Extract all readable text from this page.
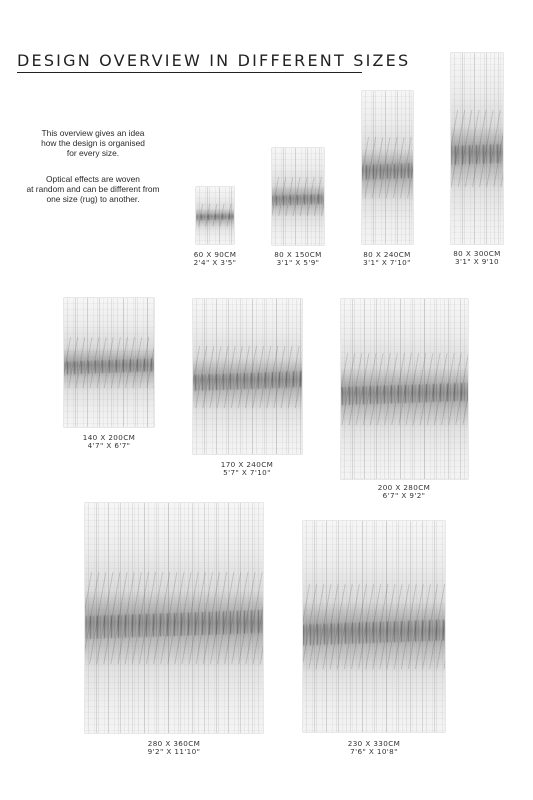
DESIGN OVERVIEW IN DIFFERENT SIZES
This overview gives an idea
how the design is organised
for every size.
Optical effects are woven
at random and can be different from
one size (rug) to another.
60 X 90CM
2'4" X 3'5"
80 X 150CM
3'1" X 5'9"
80 X 240CM
3'1" X 7'10"
80 X 300CM
3'1" X 9'10
140 X 200CM
4'7" X 6'7"
170 X 240CM
5'7" X 7'10"
200 X 280CM
6'7" X 9'2"
280 X 360CM
9'2" X 11'10"
230 X 330CM
7'6" X 10'8"
